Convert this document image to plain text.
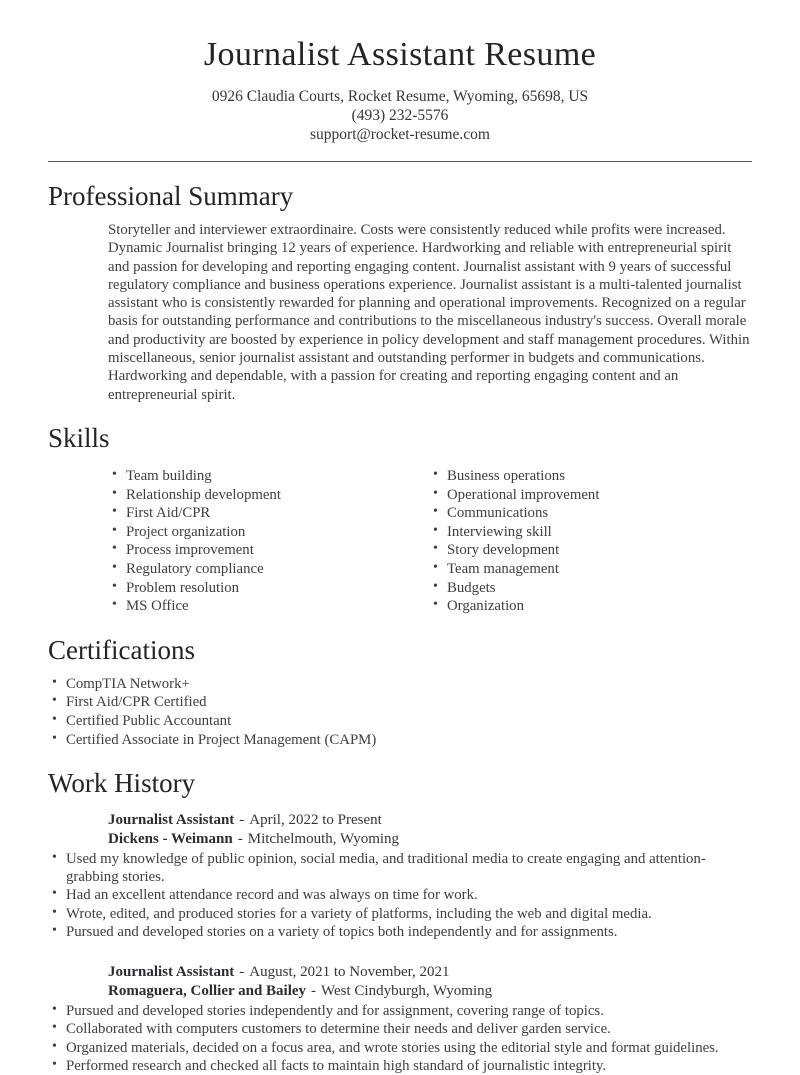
Journalist Assistant Resume
0926 Claudia Courts, Rocket Resume, Wyoming, 65698, US
(493) 232-5576
support@rocket-resume.com
Professional Summary

Storyteller and interviewer extraordinaire. Costs were consistently reduced while profits were increased. Dynamic Journalist bringing 12 years of experience. Hardworking and reliable with entrepreneurial spirit and passion for developing and reporting engaging content. Journalist assistant with 9 years of successful regulatory compliance and business operations experience. Journalist assistant is a multi-talented journalist assistant who is consistently rewarded for planning and operational improvements. Recognized on a regular basis for outstanding performance and contributions to the miscellaneous industry's success. Overall morale and productivity are boosted by experience in policy development and staff management procedures. Within miscellaneous, senior journalist assistant and outstanding performer in budgets and communications. Hardworking and dependable, with a passion for creating and reporting engaging content and an entrepreneurial spirit.

Skills
• Team building
• Relationship development
• First Aid/CPR
• Project organization
• Process improvement
• Regulatory compliance
• Problem resolution
• MS Office
• Business operations
• Operational improvement
• Communications
• Interviewing skill
• Story development
• Team management
• Budgets
• Organization
Certifications
• CompTIA Network+
• First Aid/CPR Certified
• Certified Public Accountant
• Certified Associate in Project Management (CAPM)
Work History
Journalist Assistant - April, 2022 to Present
Dickens - Weimann - Mitchelmouth, Wyoming
• Used my knowledge of public opinion, social media, and traditional media to create engaging and attention-grabbing stories.
• Had an excellent attendance record and was always on time for work.
• Wrote, edited, and produced stories for a variety of platforms, including the web and digital media.
• Pursued and developed stories on a variety of topics both independently and for assignments.
Journalist Assistant - August, 2021 to November, 2021
Romaguera, Collier and Bailey - West Cindyburgh, Wyoming
• Pursued and developed stories independently and for assignment, covering range of topics.
• Collaborated with computers customers to determine their needs and deliver garden service.
• Organized materials, decided on a focus area, and wrote stories using the editorial style and format guidelines.
• Performed research and checked all facts to maintain high standard of journalistic integrity.
